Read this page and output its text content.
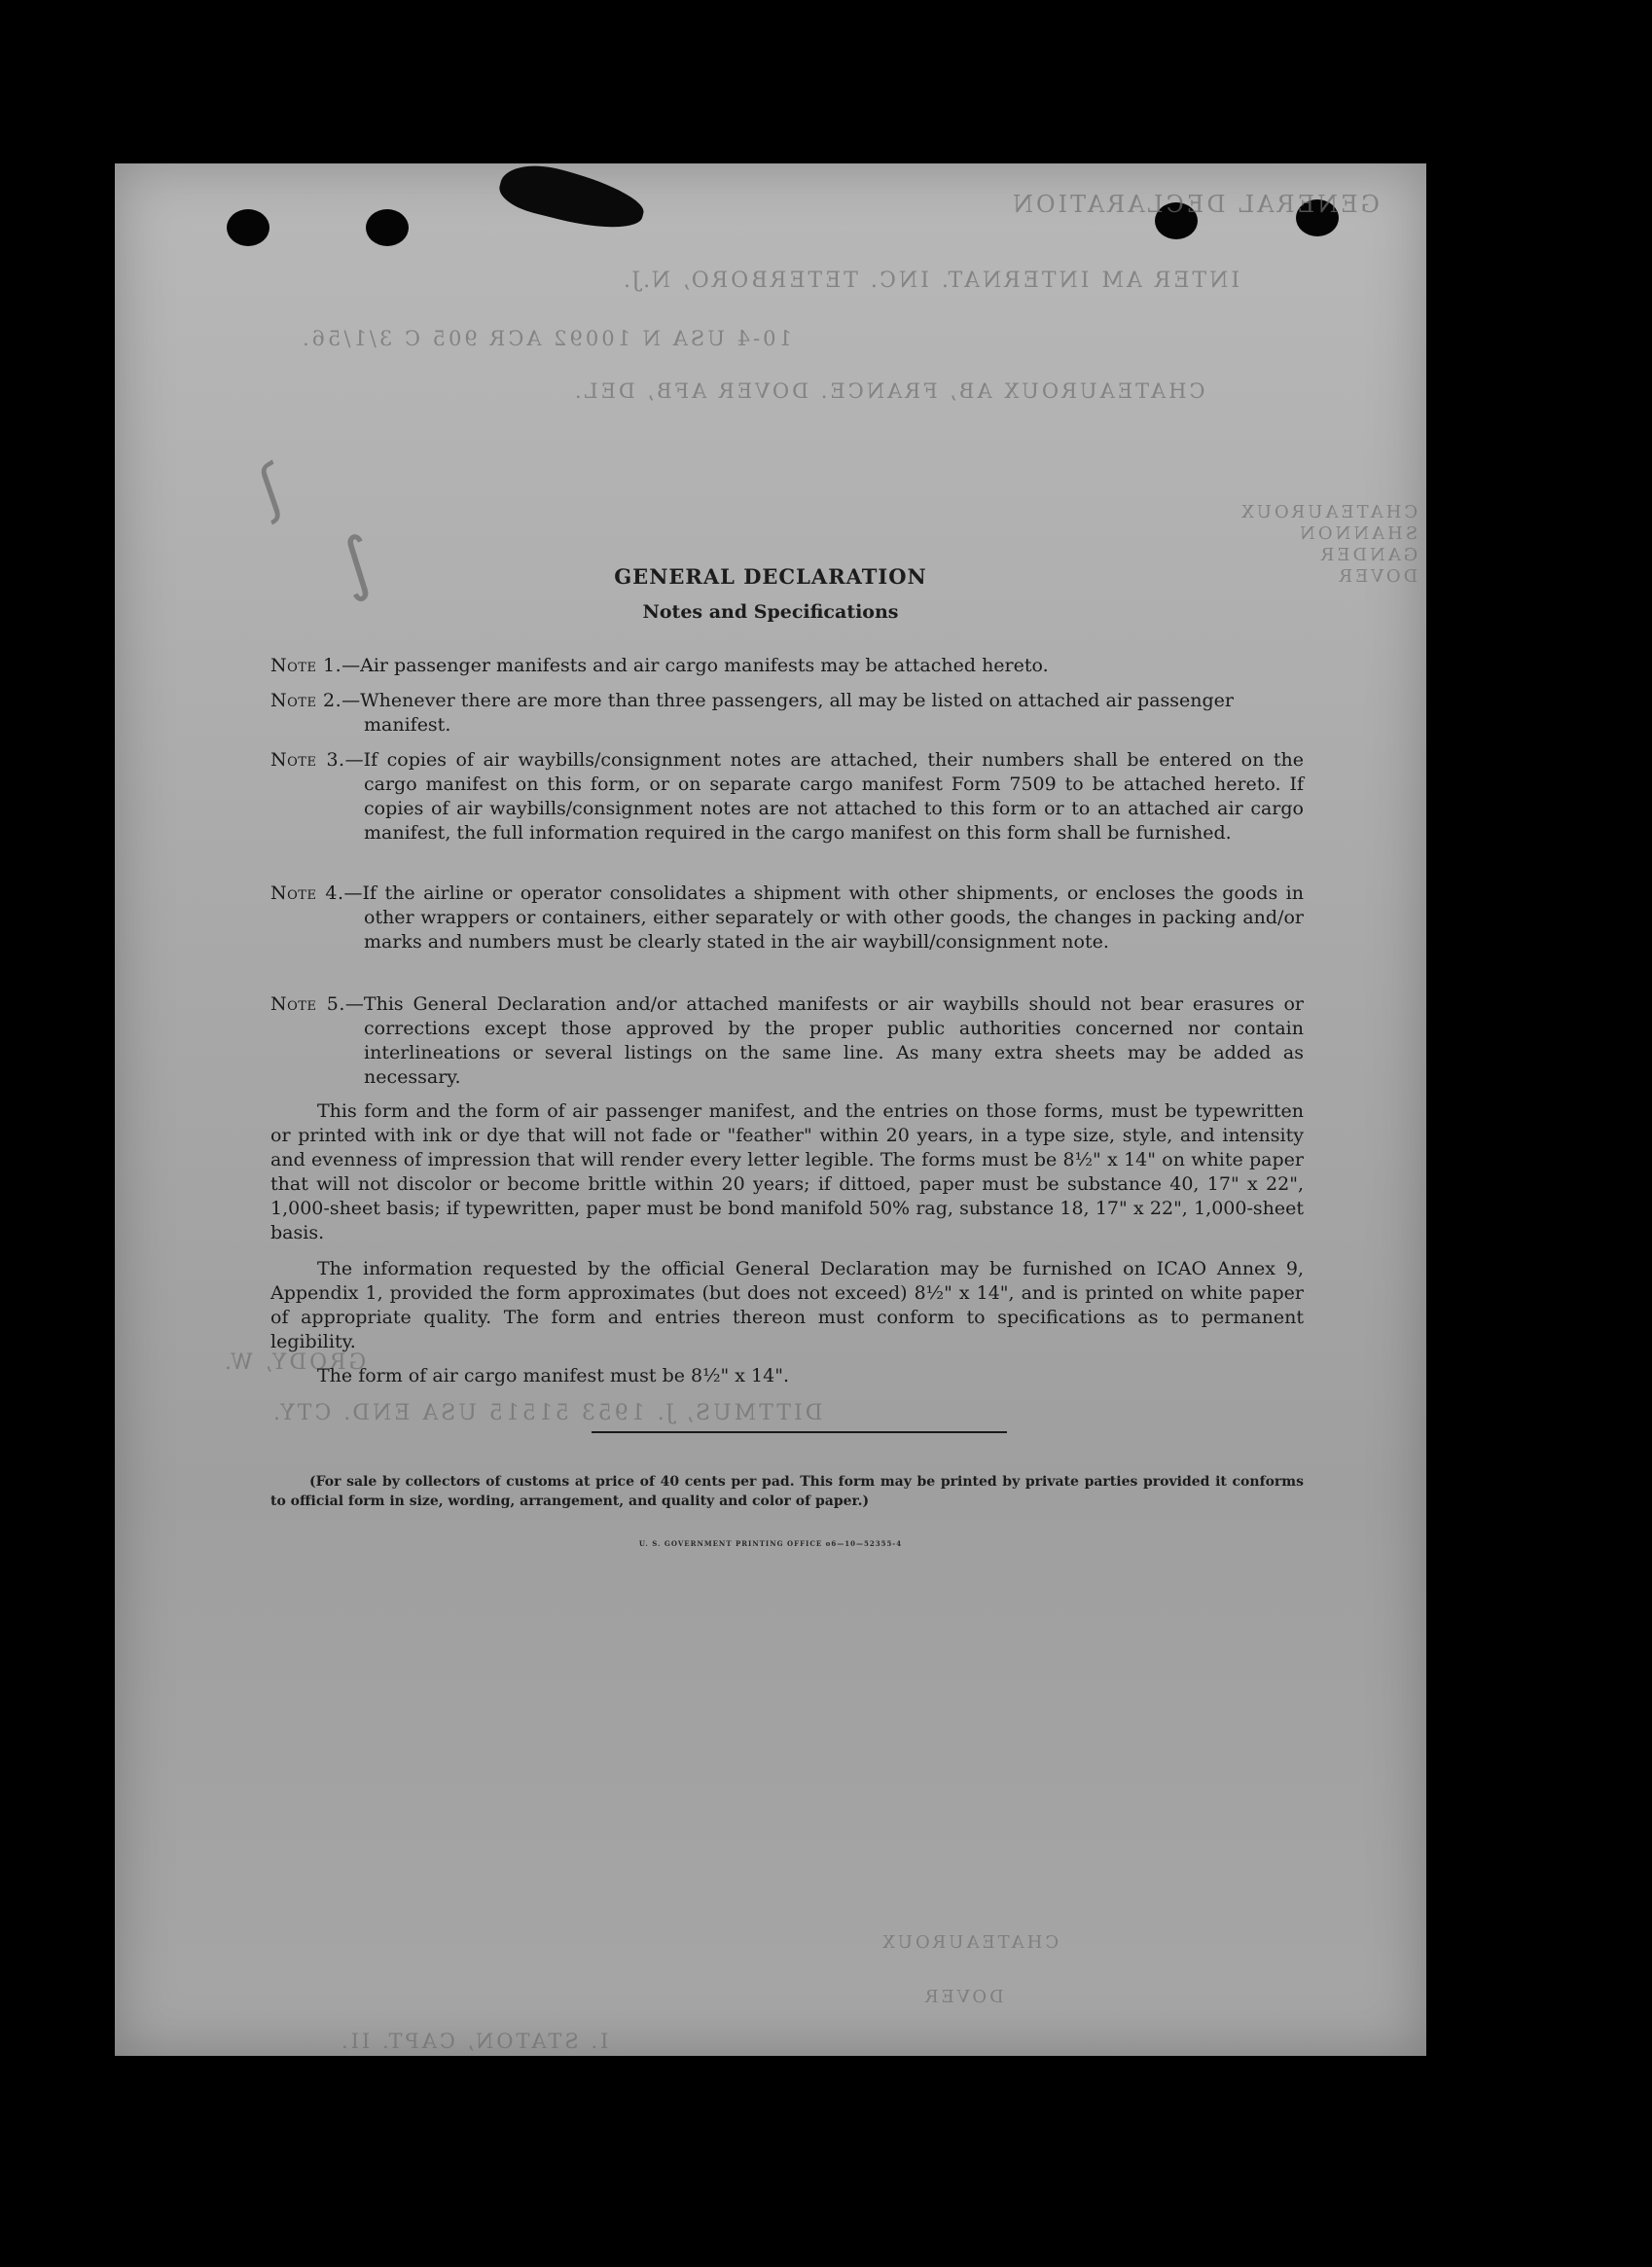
GENERAL DECLARATION
INTER AM INTERNAT. INC. TETERBORO, N.J.
10-4 USA N 10092 ACR 905 C 3/1/56.
CHATEAUROUX AB, FRANCE. DOVER AFB, DEL.
CHATEAUROUX
SHANNON
GANDER
DOVER
GRODY, W.
DITTMUS, J. 1953 51515 USA END. CTY.
CHATEAUROUX
DOVER
I. STATON, CAPT. II.
ʃ
∫	GENERAL DECLARATION
Notes and Specifications
Note 1.—Air passenger manifests and air cargo manifests may be attached hereto.
Note 2.—Whenever there are more than three passengers, all may be listed on attached air passenger manifest.
Note 3.—If copies of air waybills/consignment notes are attached, their numbers shall be entered on the cargo manifest on this form, or on separate cargo manifest Form 7509 to be attached hereto. If copies of air waybills/consignment notes are not attached to this form or to an attached air cargo manifest, the full information required in the cargo manifest on this form shall be furnished.
Note 4.—If the airline or operator consolidates a shipment with other shipments, or encloses the goods in other wrappers or containers, either separately or with other goods, the changes in packing and/or marks and numbers must be clearly stated in the air waybill/consignment note.
Note 5.—This General Declaration and/or attached manifests or air waybills should not bear erasures or corrections except those approved by the proper public authorities concerned nor contain interlineations or several listings on the same line. As many extra sheets may be added as necessary.
This form and the form of air passenger manifest, and the entries on those forms, must be typewritten or printed with ink or dye that will not fade or "feather" within 20 years, in a type size, style, and intensity and evenness of impression that will render every letter legible. The forms must be 8½" x 14" on white paper that will not discolor or become brittle within 20 years; if dittoed, paper must be substance 40, 17" x 22", 1,000-sheet basis; if typewritten, paper must be bond manifold 50% rag, substance 18, 17" x 22", 1,000-sheet basis.
The information requested by the official General Declaration may be furnished on ICAO Annex 9, Appendix 1, provided the form approximates (but does not exceed) 8½" x 14", and is printed on white paper of appropriate quality. The form and entries thereon must conform to specifications as to permanent legibility.
The form of air cargo manifest must be 8½" x 14".
(For sale by collectors of customs at price of 40 cents per pad. This form may be printed by private parties provided it conforms to official form in size, wording, arrangement, and quality and color of paper.)
U. S. GOVERNMENT PRINTING OFFICE o6—10—52355-4
